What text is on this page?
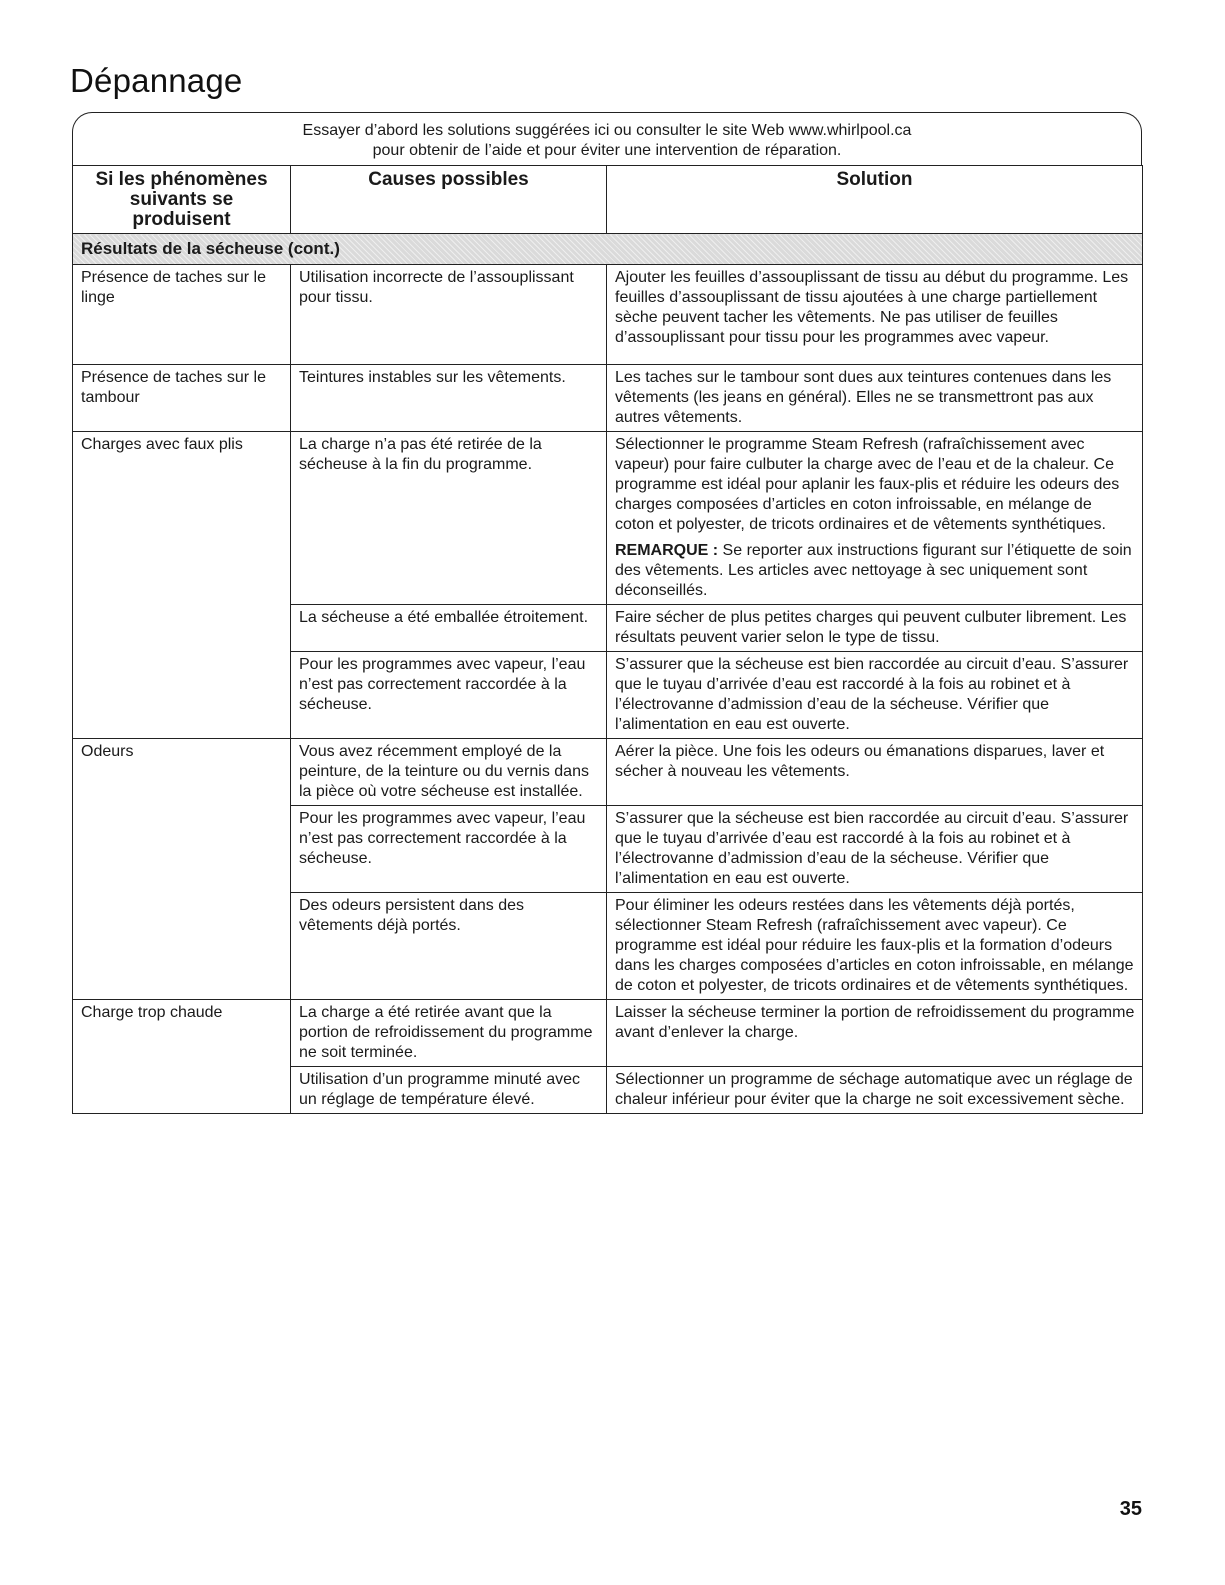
Dépannage
Essayer d’abord les solutions suggérées ici ou consulter le site Web www.whirlpool.ca
pour obtenir de l’aide et pour éviter une intervention de réparation.
Si les phénomènes suivants se produisent	Causes possibles	Solution
Résultats de la sécheuse (cont.)		
Présence de taches sur le linge	Utilisation incorrecte de l’assouplissant pour tissu.	Ajouter les feuilles d’assouplissant de tissu au début du programme. Les feuilles d’assouplissant de tissu ajoutées à une charge partiellement sèche peuvent tacher les vêtements. Ne pas utiliser de feuilles d’assouplissant pour tissu pour les programmes avec vapeur.
Présence de taches sur le tambour	Teintures instables sur les vêtements.	Les taches sur le tambour sont dues aux teintures contenues dans les vêtements (les jeans en général). Elles ne se transmettront pas aux autres vêtements.
Charges avec faux plis	La charge n’a pas été retirée de la sécheuse à la fin du programme.	Sélectionner le programme Steam Refresh (rafraîchissement avec vapeur) pour faire culbuter la charge avec de l’eau et de la chaleur. Ce programme est idéal pour aplanir les faux-plis et réduire les odeurs des charges composées d’articles en coton infroissable, en mélange de coton et polyester, de tricots ordinaires et de vêtements synthétiques.
REMARQUE : Se reporter aux instructions figurant sur l’étiquette de soin des vêtements. Les articles avec nettoyage à sec uniquement sont déconseillés.

	La sécheuse a été emballée étroitement.	Faire sécher de plus petites charges qui peuvent culbuter librement. Les résultats peuvent varier selon le type de tissu.
	Pour les programmes avec vapeur, l’eau n’est pas correctement raccordée à la sécheuse.	S’assurer que la sécheuse est bien raccordée au circuit d’eau. S’assurer que le tuyau d’arrivée d’eau est raccordé à la fois au robinet et à l’électrovanne d’admission d’eau de la sécheuse. Vérifier que l’alimentation en eau est ouverte.
Odeurs	Vous avez récemment employé de la peinture, de la teinture ou du vernis dans la pièce où votre sécheuse est installée.	Aérer la pièce. Une fois les odeurs ou émanations disparues, laver et sécher à nouveau les vêtements.
	Pour les programmes avec vapeur, l’eau n’est pas correctement raccordée à la sécheuse.	S’assurer que la sécheuse est bien raccordée au circuit d’eau. S’assurer que le tuyau d’arrivée d’eau est raccordé à la fois au robinet et à l’électrovanne d’admission d’eau de la sécheuse. Vérifier que l’alimentation en eau est ouverte.
	Des odeurs persistent dans des vêtements déjà portés.	Pour éliminer les odeurs restées dans les vêtements déjà portés, sélectionner Steam Refresh (rafraîchissement avec vapeur). Ce programme est idéal pour réduire les faux-plis et la formation d’odeurs dans les charges composées d’articles en coton infroissable, en mélange de coton et polyester, de tricots ordinaires et de vêtements synthétiques.
Charge trop chaude	La charge a été retirée avant que la portion de refroidissement du programme ne soit terminée.	Laisser la sécheuse terminer la portion de refroidissement du programme avant d’enlever la charge.
	Utilisation d’un programme minuté avec un réglage de température élevé.	Sélectionner un programme de séchage automatique avec un réglage de chaleur inférieur pour éviter que la charge ne soit excessivement sèche.
35
